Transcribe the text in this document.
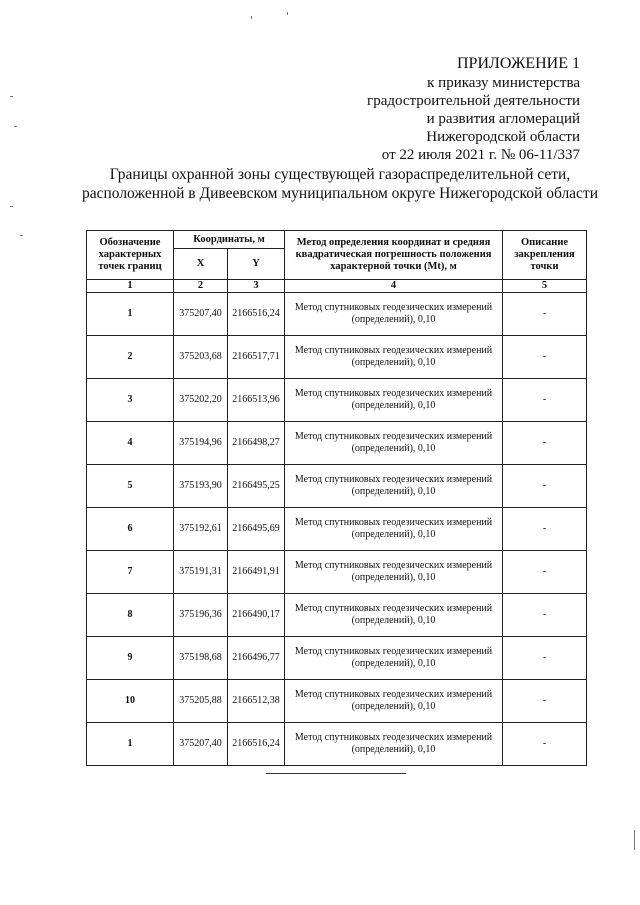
ПРИЛОЖЕНИЕ 1
к приказу министерства
градостроительной деятельности
и развития агломераций
Нижегородской области
от 22 июля 2021 г. № 06-11/337
Границы охранной зоны существующей газораспределительной сети,
расположенной в Дивеевском муниципальном округе Нижегородской области
Обозначение характерных точек границ	Координаты, м		Метод определения координат и средняя квадратическая погрешность положения характерной точки (Mt), м	Описание закрепления точки
	X	Y		
1	2	3	4	5
1	375207,40	2166516,24	Метод спутниковых геодезических измерений (определений), 0,10	-
2	375203,68	2166517,71	Метод спутниковых геодезических измерений (определений), 0,10	-
3	375202,20	2166513,96	Метод спутниковых геодезических измерений (определений), 0,10	-
4	375194,96	2166498,27	Метод спутниковых геодезических измерений (определений), 0,10	-
5	375193,90	2166495,25	Метод спутниковых геодезических измерений (определений), 0,10	-
6	375192,61	2166495,69	Метод спутниковых геодезических измерений (определений), 0,10	-
7	375191,31	2166491,91	Метод спутниковых геодезических измерений (определений), 0,10	-
8	375196,36	2166490,17	Метод спутниковых геодезических измерений (определений), 0,10	-
9	375198,68	2166496,77	Метод спутниковых геодезических измерений (определений), 0,10	-
10	375205,88	2166512,38	Метод спутниковых геодезических измерений (определений), 0,10	-
1	375207,40	2166516,24	Метод спутниковых геодезических измерений (определений), 0,10	-
